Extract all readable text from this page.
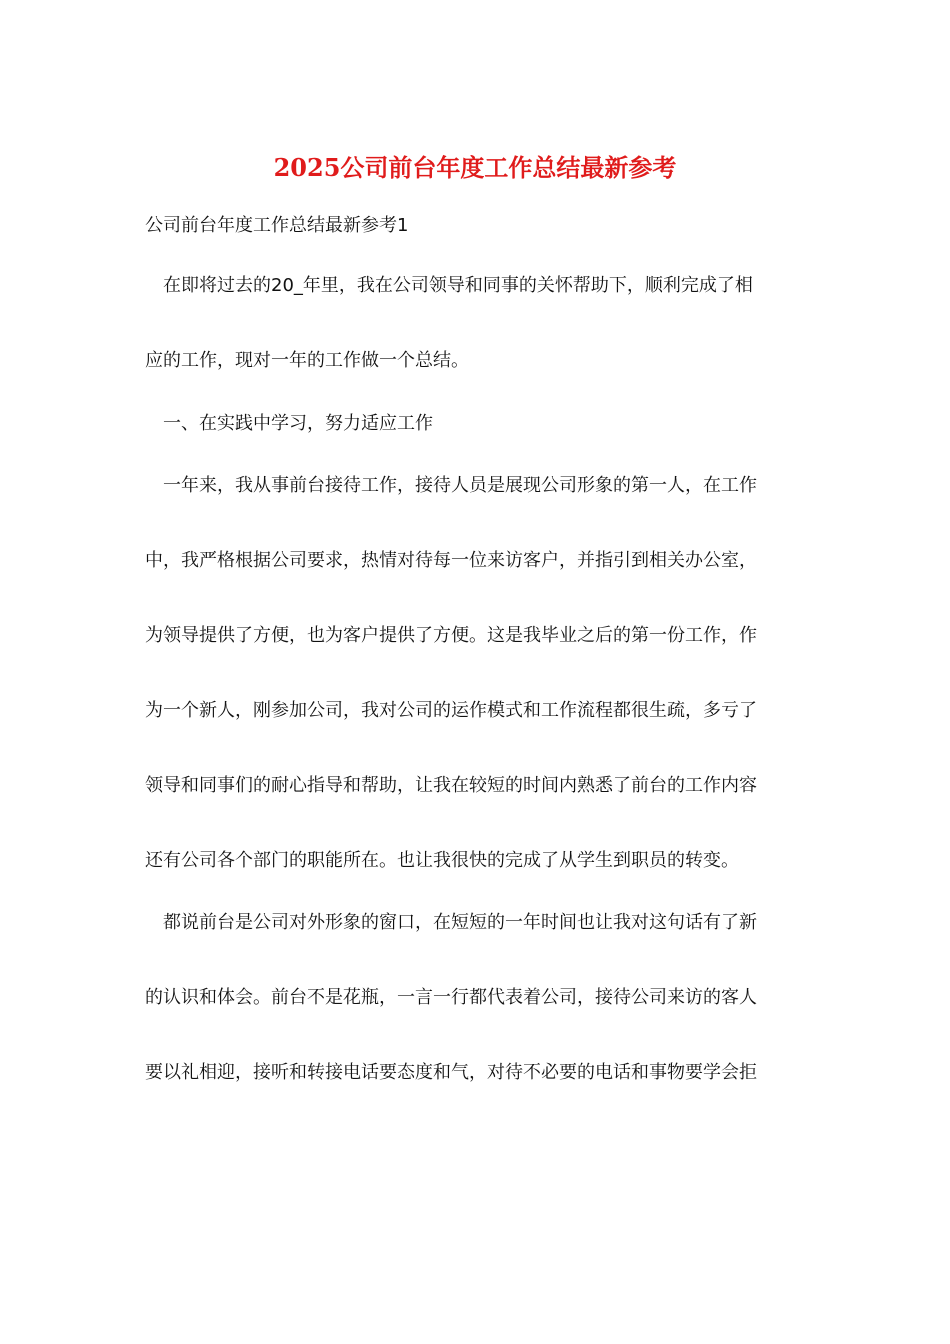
2025公司前台年度工作总结最新参考

公司前台年度工作总结最新参考1

在即将过去的20_年里，我在公司领导和同事的关怀帮助下，顺利完成了相

应的工作，现对一年的工作做一个总结。

一、在实践中学习，努力适应工作

一年来，我从事前台接待工作，接待人员是展现公司形象的第一人，在工作

中，我严格根据公司要求，热情对待每一位来访客户，并指引到相关办公室，

为领导提供了方便，也为客户提供了方便。这是我毕业之后的第一份工作，作

为一个新人，刚参加公司，我对公司的运作模式和工作流程都很生疏，多亏了

领导和同事们的耐心指导和帮助，让我在较短的时间内熟悉了前台的工作内容

还有公司各个部门的职能所在。也让我很快的完成了从学生到职员的转变。

都说前台是公司对外形象的窗口，在短短的一年时间也让我对这句话有了新

的认识和体会。前台不是花瓶，一言一行都代表着公司，接待公司来访的客人

要以礼相迎，接听和转接电话要态度和气，对待不必要的电话和事物要学会拒
